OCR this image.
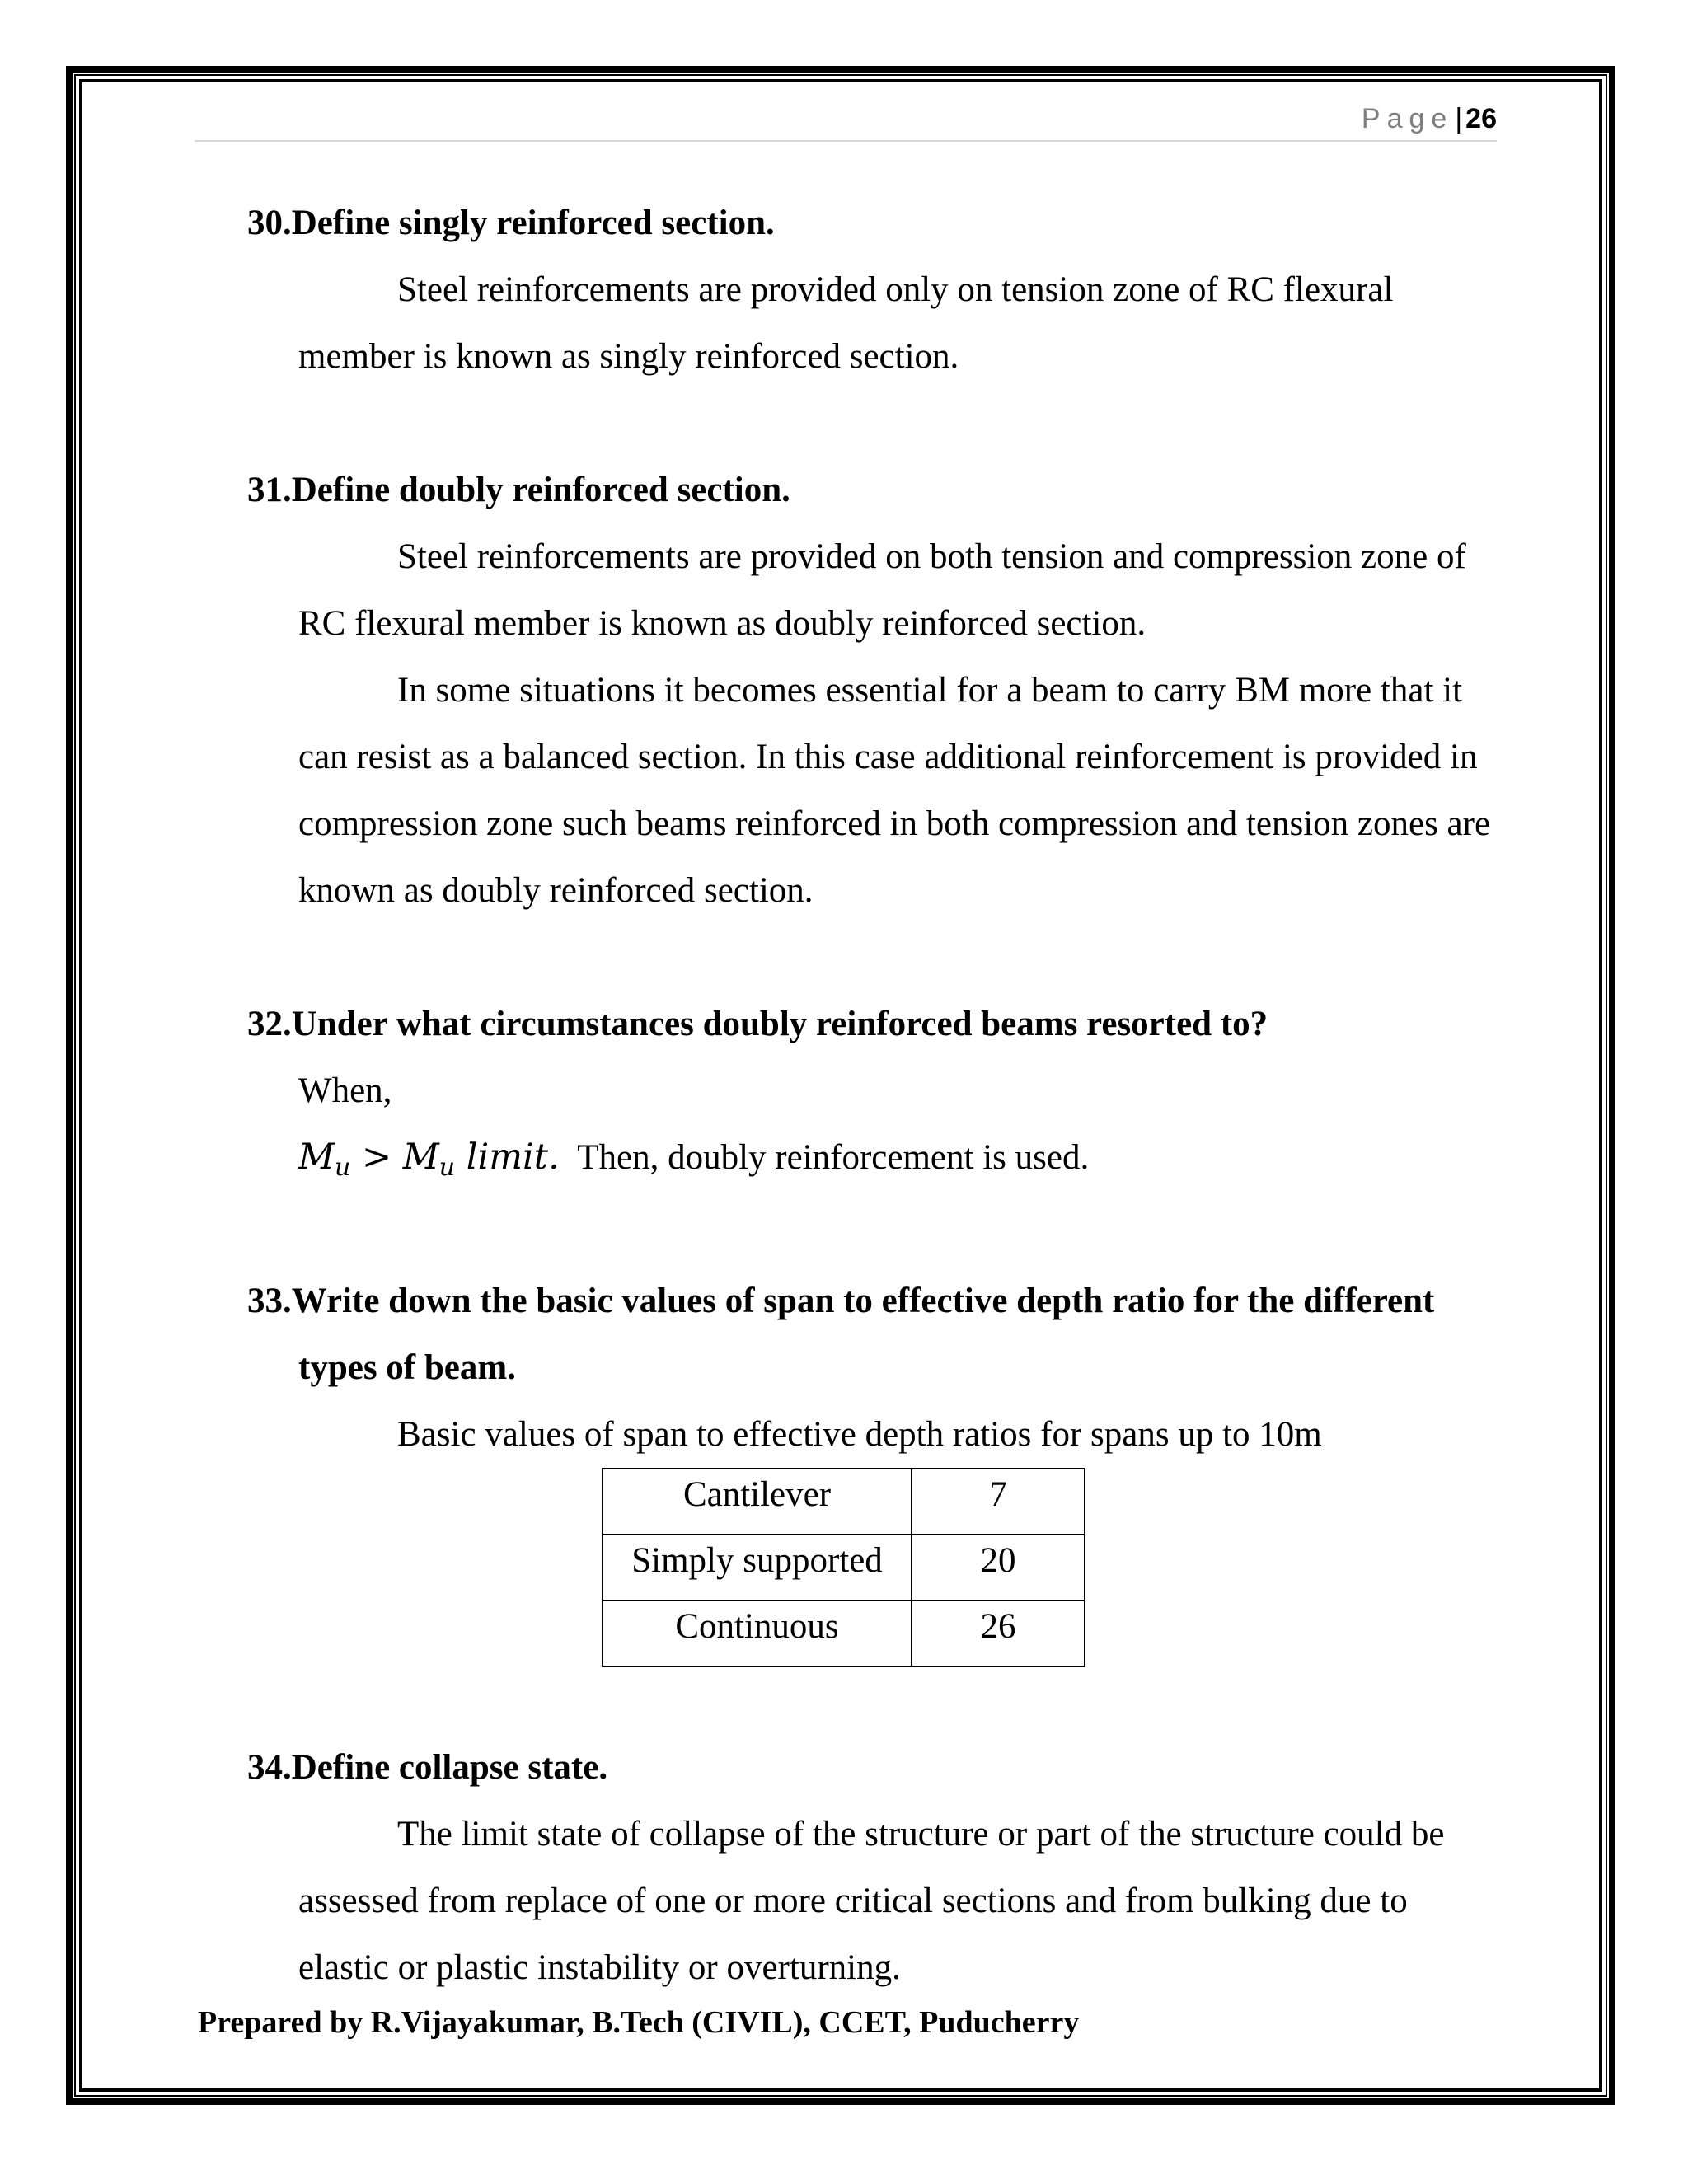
Page| 26

30.Define singly reinforced section.

Steel reinforcements are provided only on tension zone of RC flexural member is known as singly reinforced section.

31.Define doubly reinforced section.

Steel reinforcements are provided on both tension and compression zone of RC flexural member is known as doubly reinforced section.

In some situations it becomes essential for a beam to carry BM more that it can resist as a balanced section. In this case additional reinforcement is provided in compression zone such beams reinforced in both compression and tension zones are known as doubly reinforced section.

32.Under what circumstances doubly reinforced beams resorted to?

When,

$M_u > M_u$ limit. Then, doubly reinforcement is used.

33.Write down the basic values of span to effective depth ratio for the different types of beam.

Basic values of span to effective depth ratios for spans up to 10m

Cantilever	7
Simply supported	20
Continuous	26

34.Define collapse state.

The limit state of collapse of the structure or part of the structure could be assessed from replace of one or more critical sections and from bulking due to elastic or plastic instability or overturning.

Prepared by R.Vijayakumar, B.Tech (CIVIL), CCET, Puducherry
